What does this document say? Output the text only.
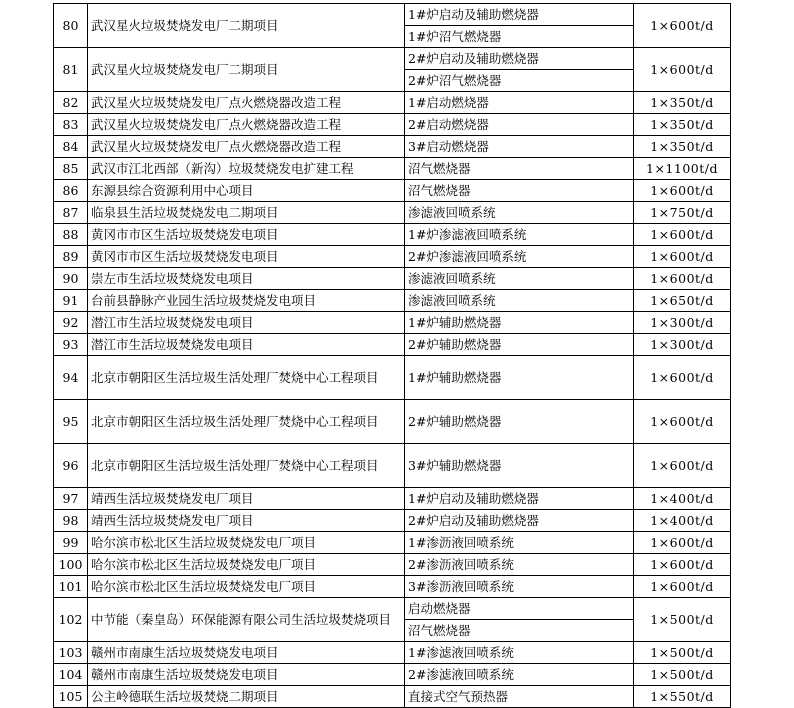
80	武汉星火垃圾焚烧发电厂二期项目	1#炉启动及辅助燃烧器	1×600t/d
		1#炉沼气燃烧器	
81	武汉星火垃圾焚烧发电厂二期项目	2#炉启动及辅助燃烧器	1×600t/d
		2#炉沼气燃烧器	
82	武汉星火垃圾焚烧发电厂点火燃烧器改造工程	1#启动燃烧器	1×350t/d
83	武汉星火垃圾焚烧发电厂点火燃烧器改造工程	2#启动燃烧器	1×350t/d
84	武汉星火垃圾焚烧发电厂点火燃烧器改造工程	3#启动燃烧器	1×350t/d
85	武汉市江北西部（新沟）垃圾焚烧发电扩建工程	沼气燃烧器	1×1100t/d
86	东源县综合资源利用中心项目	沼气燃烧器	1×600t/d
87	临泉县生活垃圾焚烧发电二期项目	渗滤液回喷系统	1×750t/d
88	黄冈市市区生活垃圾焚烧发电项目	1#炉渗滤液回喷系统	1×600t/d
89	黄冈市市区生活垃圾焚烧发电项目	2#炉渗滤液回喷系统	1×600t/d
90	崇左市生活垃圾焚烧发电项目	渗滤液回喷系统	1×600t/d
91	台前县静脉产业园生活垃圾焚烧发电项目	渗滤液回喷系统	1×650t/d
92	潜江市生活垃圾焚烧发电项目	1#炉辅助燃烧器	1×300t/d
93	潜江市生活垃圾焚烧发电项目	2#炉辅助燃烧器	1×300t/d
94	北京市朝阳区生活垃圾生活处理厂焚烧中心工程项目	1#炉辅助燃烧器	1×600t/d
95	北京市朝阳区生活垃圾生活处理厂焚烧中心工程项目	2#炉辅助燃烧器	1×600t/d
96	北京市朝阳区生活垃圾生活处理厂焚烧中心工程项目	3#炉辅助燃烧器	1×600t/d
97	靖西生活垃圾焚烧发电厂项目	1#炉启动及辅助燃烧器	1×400t/d
98	靖西生活垃圾焚烧发电厂项目	2#炉启动及辅助燃烧器	1×400t/d
99	哈尔滨市松北区生活垃圾焚烧发电厂项目	1#渗沥液回喷系统	1×600t/d
100	哈尔滨市松北区生活垃圾焚烧发电厂项目	2#渗沥液回喷系统	1×600t/d
101	哈尔滨市松北区生活垃圾焚烧发电厂项目	3#渗沥液回喷系统	1×600t/d
102	中节能（秦皇岛）环保能源有限公司生活垃圾焚烧项目	启动燃烧器	1×500t/d
		沼气燃烧器	
103	赣州市南康生活垃圾焚烧发电项目	1#渗滤液回喷系统	1×500t/d
104	赣州市南康生活垃圾焚烧发电项目	2#渗滤液回喷系统	1×500t/d
105	公主岭德联生活垃圾焚烧二期项目	直接式空气预热器	1×550t/d
